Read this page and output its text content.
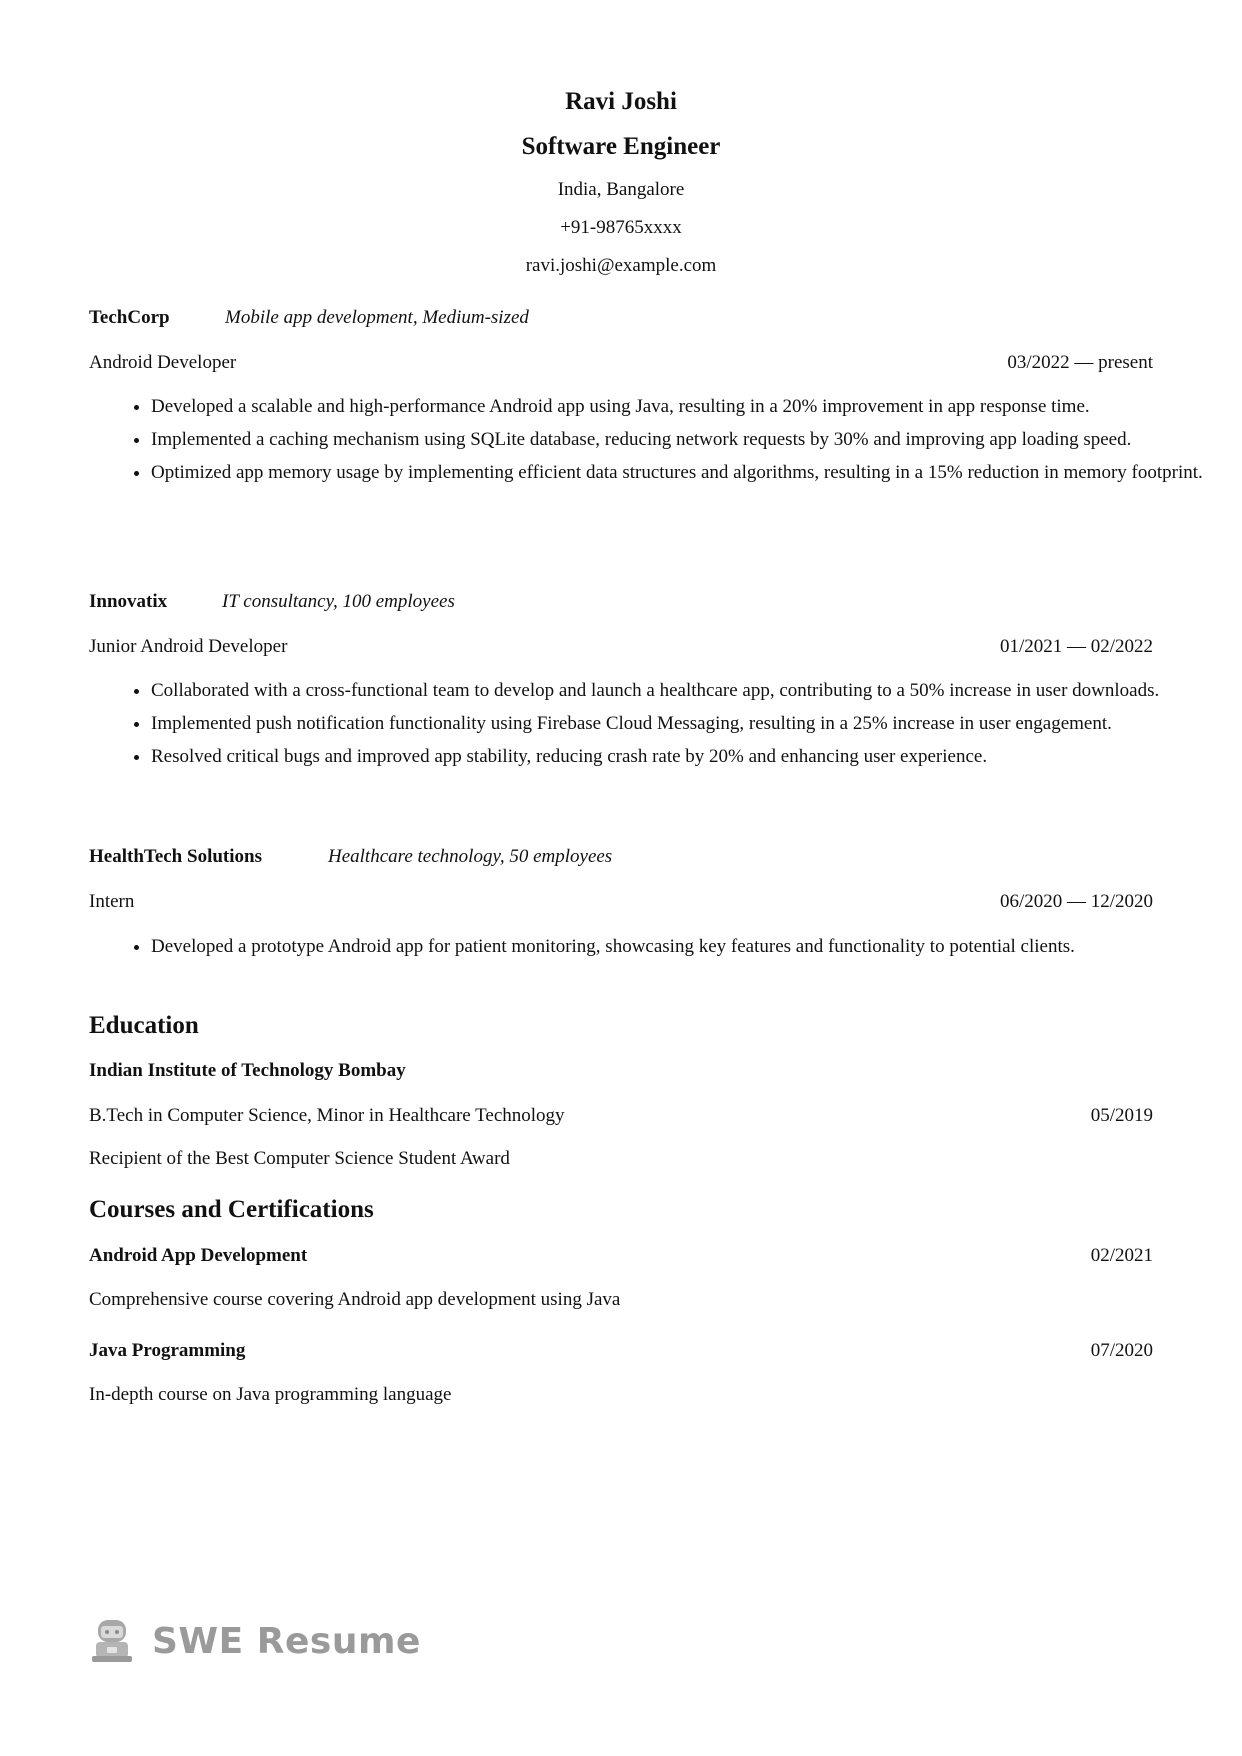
Ravi Joshi
Software Engineer
India, Bangalore
+91-98765xxxx
ravi.joshi@example.com
TechCorp	Mobile app development, Medium-sized
Android Developer	03/2022 — present
• Developed a scalable and high-performance Android app using Java, resulting in a 20% improvement in app response time.
• Implemented a caching mechanism using SQLite database, reducing network requests by 30% and improving app loading speed.
• Optimized app memory usage by implementing efficient data structures and algorithms, resulting in a 15% reduction in memory footprint.
Innovatix	IT consultancy, 100 employees
Junior Android Developer	01/2021 — 02/2022
• Collaborated with a cross-functional team to develop and launch a healthcare app, contributing to a 50% increase in user downloads.
• Implemented push notification functionality using Firebase Cloud Messaging, resulting in a 25% increase in user engagement.
• Resolved critical bugs and improved app stability, reducing crash rate by 20% and enhancing user experience.
HealthTech Solutions	Healthcare technology, 50 employees
Intern	06/2020 — 12/2020
• Developed a prototype Android app for patient monitoring, showcasing key features and functionality to potential clients.
Education
Indian Institute of Technology Bombay
B.Tech in Computer Science, Minor in Healthcare Technology	05/2019
Recipient of the Best Computer Science Student Award
Courses and Certifications
Android App Development	02/2021
Comprehensive course covering Android app development using Java
Java Programming	07/2020
In-depth course on Java programming language
SWE Resume
